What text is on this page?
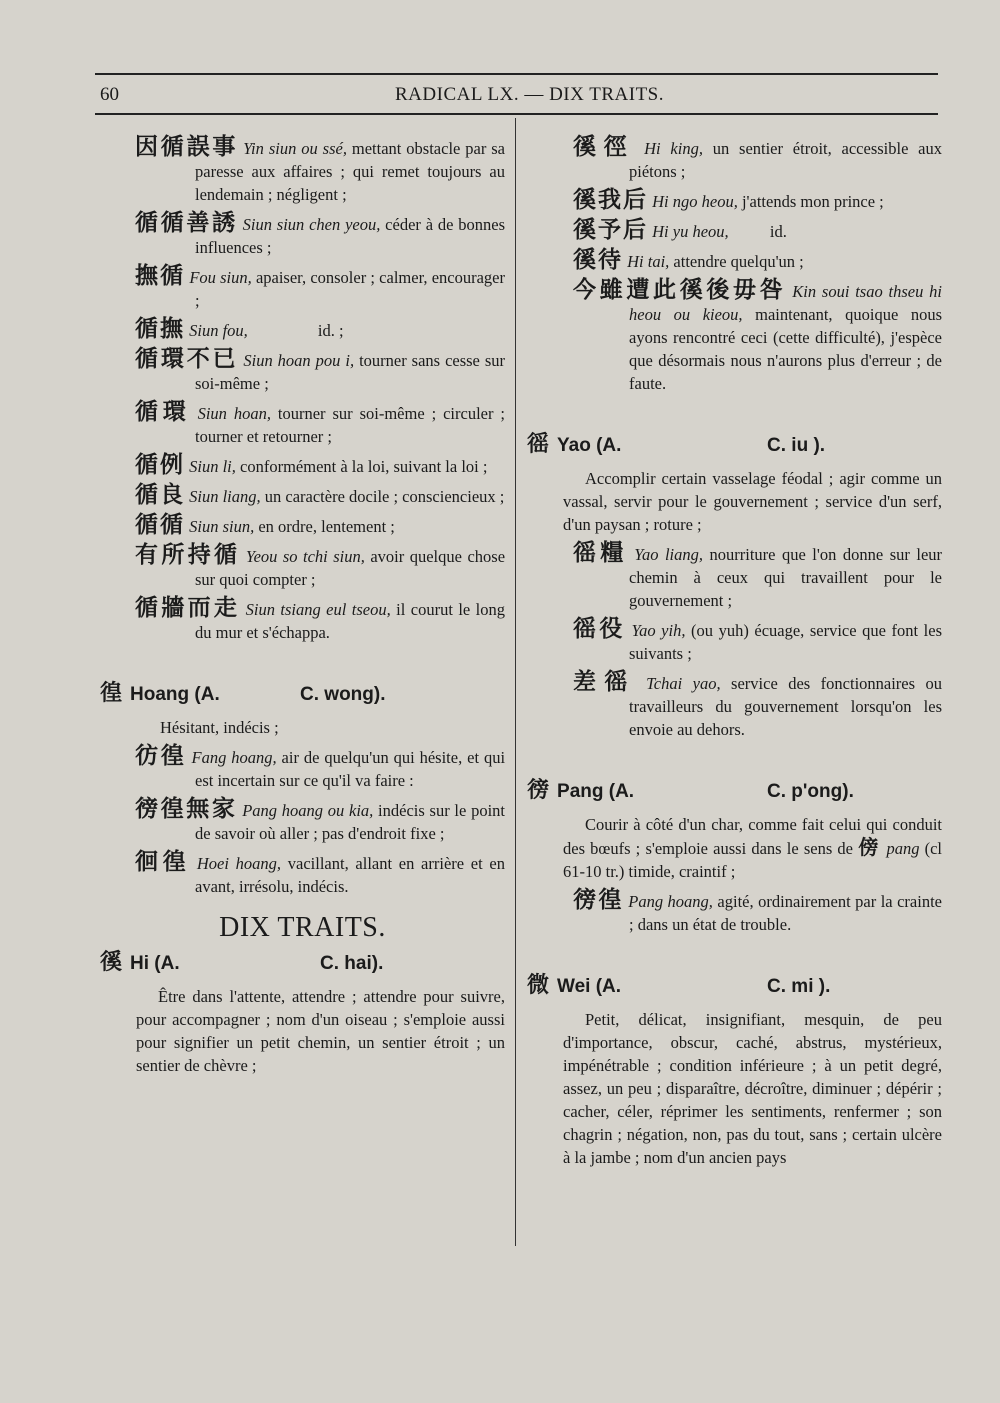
60	RADICAL LX. — DIX TRAITS.

因循誤事 Yin siun ou ssé, mettant obstacle par sa paresse aux affaires ; qui remet toujours au lendemain ; négligent ;

循循善誘 Siun siun chen yeou, céder à de bonnes influences ;

撫循 Fou siun, apaiser, consoler ; calmer, encourager ;

循撫 Siun fou,                 id. ;

循環不已 Siun hoan pou i, tourner sans cesse sur soi-même ;

循環 Siun hoan, tourner sur soi-même ; circuler ; tourner et retourner ;

循例 Siun li, conformément à la loi, suivant la loi ;

循良 Siun liang, un caractère docile ; consciencieux ;

循循 Siun siun, en ordre, lentement ;

有所持循 Yeou so tchi siun, avoir quelque chose sur quoi compter ;

循牆而走 Siun tsiang eul tseou, il courut le long du mur et s'échappa.

徨 Hoang (A.	C. wong).

Hésitant, indécis ;

彷徨 Fang hoang, air de quelqu'un qui hésite, et qui est incertain sur ce qu'il va faire :

徬徨無家 Pang hoang ou kia, indécis sur le point de savoir où aller ; pas d'endroit fixe ;

徊徨 Hoei hoang, vacillant, allant en arrière et en avant, irrésolu, indécis.

DIX TRAITS.
徯 Hi (A.	C. hai).

Être dans l'attente, attendre ; attendre pour suivre, pour accompagner ; nom d'un oiseau ; s'emploie aussi pour signifier un petit chemin, un sentier étroit ; un sentier de chèvre ;

徯徑 Hi king, un sentier étroit, accessible aux piétons ;

徯我后 Hi ngo heou, j'attends mon prince ;

徯予后 Hi yu heou,          id.

徯待 Hi tai, attendre quelqu'un ;

今雖遭此徯後毋咎 Kin soui tsao thseu hi heou ou kieou, maintenant, quoique nous ayons rencontré ceci (cette difficulté), j'espèce que désormais nous n'aurons plus d'erreur ; de faute.

徭 Yao (A.	C. iu ).

Accomplir certain vasselage féodal ; agir comme un vassal, servir pour le gouvernement ; service d'un serf, d'un paysan ; roture ;

徭糧 Yao liang, nourriture que l'on donne sur leur chemin à ceux qui travaillent pour le gouvernement ;

徭役 Yao yih, (ou yuh) écuage, service que font les suivants ;

差徭 Tchai yao, service des fonctionnaires ou travailleurs du gouvernement lorsqu'on les envoie au dehors.

徬 Pang (A.	C. p'ong).

Courir à côté d'un char, comme fait celui qui conduit des bœufs ; s'emploie aussi dans le sens de 傍 pang (cl 61-10 tr.) timide, craintif ;

徬徨 Pang hoang, agité, ordinairement par la crainte ; dans un état de trouble.

微 Wei (A.	C. mi ).

Petit, délicat, insignifiant, mesquin, de peu d'importance, obscur, caché, abstrus, mystérieux, impénétrable ; condition inférieure ; à un petit degré, assez, un peu ; disparaître, décroître, diminuer ; dépérir ; cacher, céler, réprimer les sentiments, renfermer ; son chagrin ; négation, non, pas du tout, sans ; certain ulcère à la jambe ; nom d'un ancien pays
